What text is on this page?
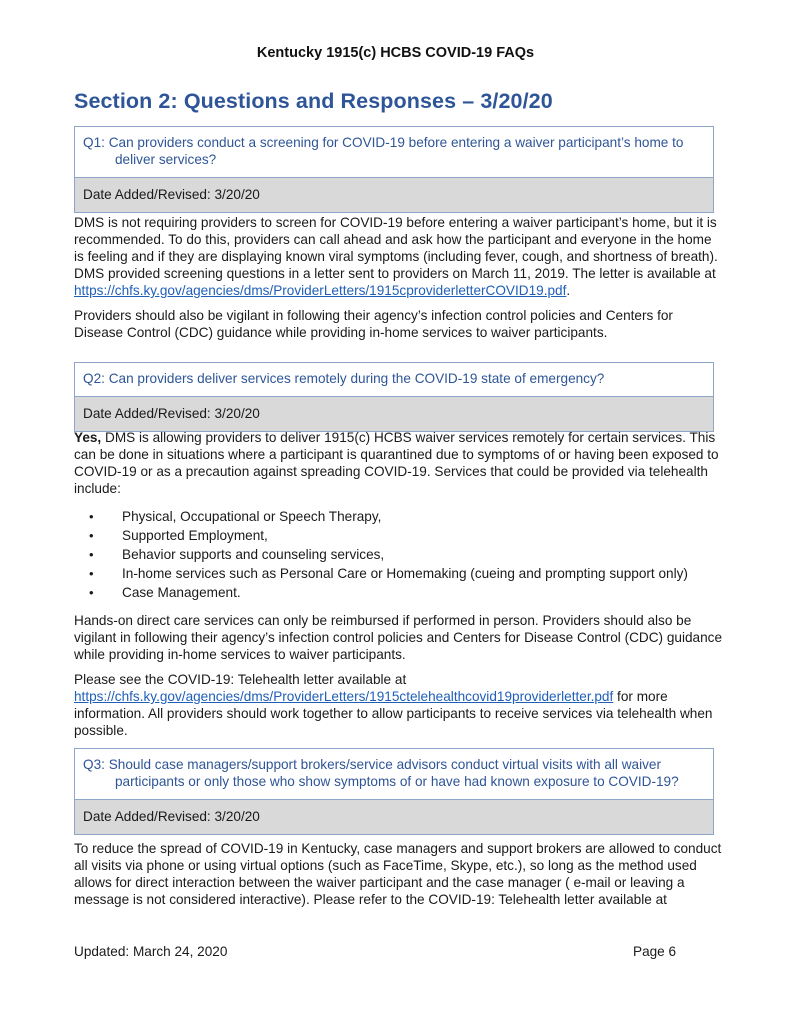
Kentucky 1915(c) HCBS COVID-19 FAQs
Section 2: Questions and Responses – 3/20/20
Q1: Can providers conduct a screening for COVID-19 before entering a waiver participant’s home to deliver services?
Date Added/Revised: 3/20/20

DMS is not requiring providers to screen for COVID-19 before entering a waiver participant’s home, but it is recommended. To do this, providers can call ahead and ask how the participant and everyone in the home is feeling and if they are displaying known viral symptoms (including fever, cough, and shortness of breath). DMS provided screening questions in a letter sent to providers on March 11, 2019. The letter is available at https://chfs.ky.gov/agencies/dms/ProviderLetters/1915cproviderletterCOVID19.pdf.

Providers should also be vigilant in following their agency’s infection control policies and Centers for Disease Control (CDC) guidance while providing in-home services to waiver participants.

Q2: Can providers deliver services remotely during the COVID-19 state of emergency?
Date Added/Revised: 3/20/20

Yes, DMS is allowing providers to deliver 1915(c) HCBS waiver services remotely for certain services. This can be done in situations where a participant is quarantined due to symptoms of or having been exposed to COVID-19 or as a precaution against spreading COVID-19. Services that could be provided via telehealth include:

• Physical, Occupational or Speech Therapy,
• Supported Employment,
• Behavior supports and counseling services,
• In-home services such as Personal Care or Homemaking (cueing and prompting support only)
• Case Management.

Hands-on direct care services can only be reimbursed if performed in person. Providers should also be vigilant in following their agency’s infection control policies and Centers for Disease Control (CDC) guidance while providing in-home services to waiver participants.

Please see the COVID-19: Telehealth letter available at
https://chfs.ky.gov/agencies/dms/ProviderLetters/1915ctelehealthcovid19providerletter.pdf for more information. All providers should work together to allow participants to receive services via telehealth when possible.

Q3: Should case managers/support brokers/service advisors conduct virtual visits with all waiver participants or only those who show symptoms of or have had known exposure to COVID-19?
Date Added/Revised: 3/20/20

To reduce the spread of COVID-19 in Kentucky, case managers and support brokers are allowed to conduct all visits via phone or using virtual options (such as FaceTime, Skype, etc.), so long as the method used allows for direct interaction between the waiver participant and the case manager ( e-mail or leaving a message is not considered interactive). Please refer to the COVID-19: Telehealth letter available at

Updated: March 24, 2020	Page 6
